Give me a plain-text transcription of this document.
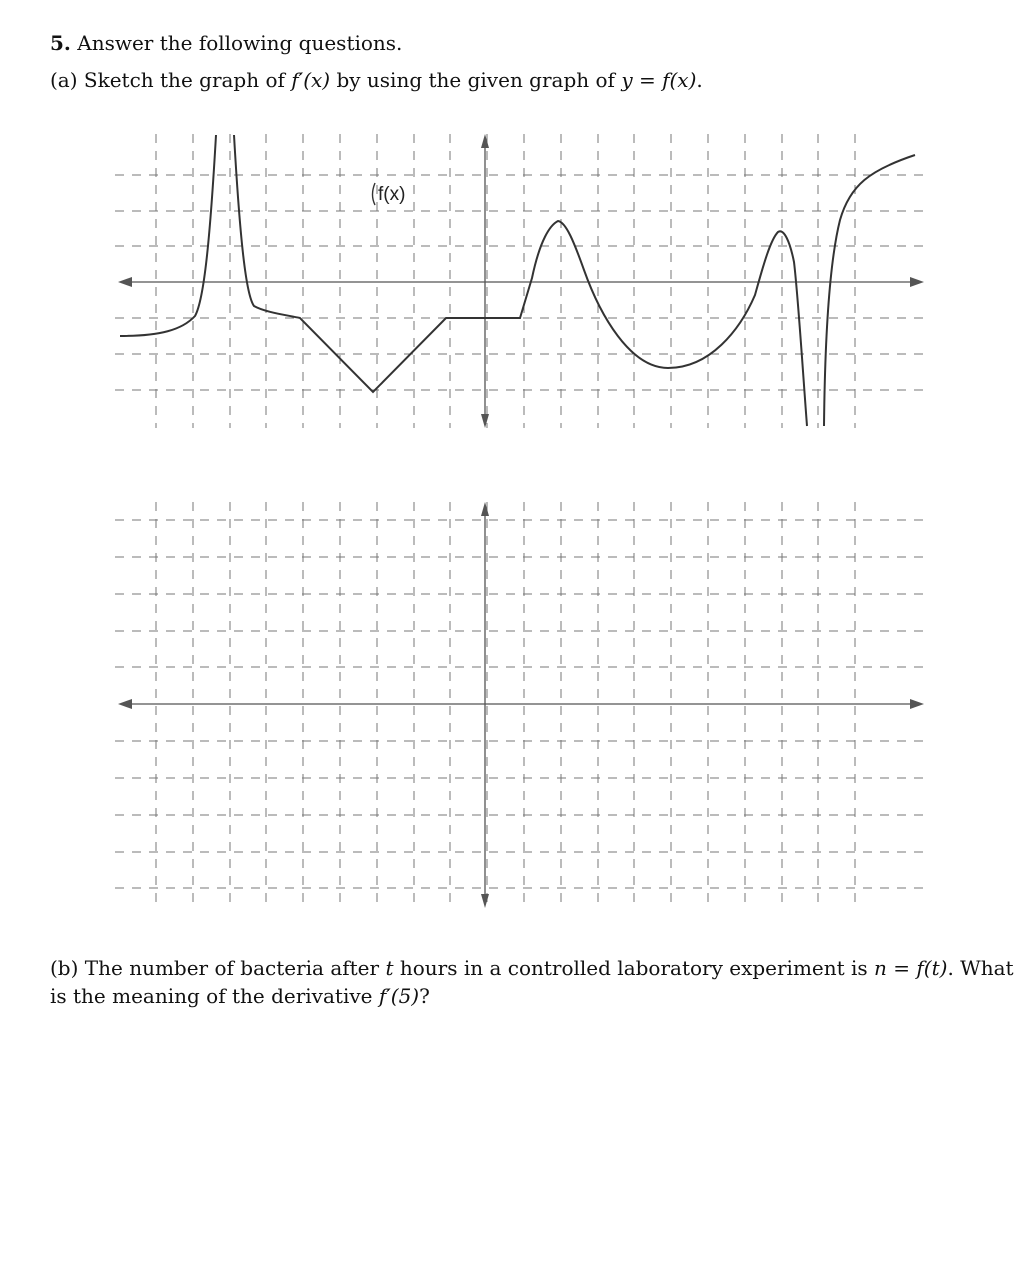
5. Answer the following questions.
(a) Sketch the graph of f′(x) by using the given graph of y = f(x).
f(x)
(b) The number of bacteria after t hours in a controlled laboratory experiment is n = f(t). What
is the meaning of the derivative f′(5)?
